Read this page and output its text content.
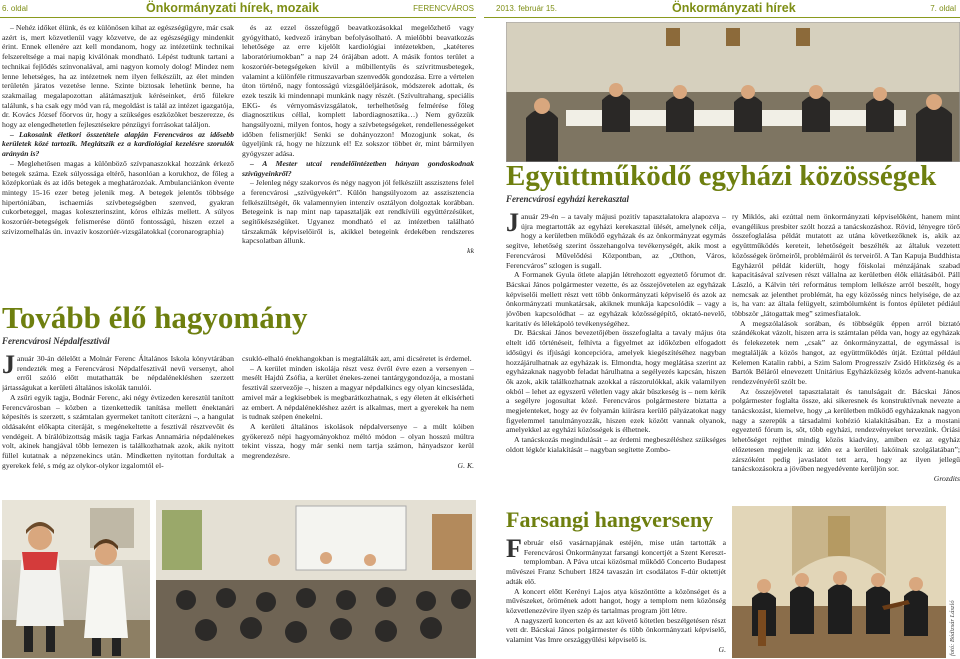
6. oldal	Önkormányzati hírek, mozaik	FERENCVÁROS

– Nehéz időket élünk, és ez különösen kihat az egészségügyre, már csak azért is, mert közvetlenül vagy közvetve, de az egészségügy mindenkit érint. Ennek ellenére azt kell mondanom, hogy az intézetünk technikai felszereltsége a mai napig kiválónak mondható. Lépést tudtunk tartani a technikai fejlődés színvonalával, ami nagyon komoly dolog! Mindez nem lenne lehetséges, ha az intézetnek nem ilyen felkészült, az élet minden területén járatos vezetése lenne. Szinte biztosak lehetünk benne, ha szakmailag megalapozottan alátámasztjuk kéréseinket, értő fülekre találunk, s ha csak egy mód van rá, megoldást is talál az intézet igazgatója, dr. Kovács József főorvos úr, hogy a szükséges eszközöket beszerezze, és hogy az elengedhetetlen fejlesztésekre pénzügyi forrásokat találjon.

– Lakosaink életkori összetétele alapján Ferencváros az idősebb kerületek közé tartozik. Meglátszik ez a kardiológiai kezelésre szorulók arányán is?

– Meglehetősen magas a különböző szívpanaszokkal hozzánk érkező betegek száma. Ezek súlyossága eltérő, hasonlóan a korukhoz, de főleg a középkorúak és az idős betegek a meghatározóak. Ambulanciánkon évente mintegy 15-16 ezer beteg jelenik meg. A betegek jelentős többsége hipertóniában, ischaemiás szívbetegségben szenved, gyakran cukorbeteggel, magas koleszterinszint, kóros elhízás mellett. A súlyos koszorúér-betegségek felismerése döntő fontosságú, hiszen ezzel a szívizomelhalás ún. invazív koszorúér-vizsgálatokkal (coronarographia)

és az ezzel összefüggő beavatkozásokkal megelőzhető vagy gyógyítható, kedvező irányban befolyásolható. A mielőbbi beavatkozás lehetősége az erre kijelölt kardiológiai intézetekben, „katéteres laboratóriumokban” a nap 24 órájában adott. A másik fontos terület a koszorúér-betegségeken kívül a műbillentyűs és szívritmusbetegek, valamint a különféle ritmuszavarban szenvedők gondozása. Erre a vértelen úton történő, nagy fontosságú vizsgálóeljárások, módszerek adottak, és ezek teszik ki mindennapi munkánk nagy részét. (Szívultrahang, speciális EKG- és vérnyomásvizsgálatok, terhelhetőség felmérése főleg diagnosztikus céllal, komplett labordiagnosztika…) Nem győzzük hangsúlyozni, milyen fontos, hogy a szívbetegségeket, rendellenességeket időben felismerjük! Senki se dohányozzon! Mozogjunk sokat, és ügyeljünk rá, hogy ne hízzunk el! Ez sokszor többet ér, mint bármilyen gyógyszer adása.

– A Mester utcai rendelőintézetben hányan gondoskodnak szívügyeinkről?

– Jelenleg négy szakorvos és négy nagyon jól felkészült asszisztens felel a ferencvárosi „szívügyekért”. Külön hangsúlyozom az asszisztencia felkészültségét, ők valamennyien intenzív osztályon dolgoztak korábban. Betegeink is nap mint nap tapasztalják ezt rendkívüli együttérzésüket, segítőkészségüket. Ugyanez mondható el az intézetben található társzakmák képviselőiről is, akikkel betegeink érdekében rendszeres kapcsolatban állunk.

kk

Tovább élő hagyomány
Ferencvárosi Népdalfesztivál
J anuár 30-án délelőtt a Molnár Ferenc Általános Iskola könyvtárában rendezték meg a Ferencvárosi Népdalfesztivál nevű versenyt, ahol erről szóló előtt mutathatták be népdalénekléshen szerzett jártasságukat a kerületi általános iskolák tanulói.

A zsűri egyik tagja, Bodnár Ferenc, aki négy évtizeden keresztül tanított Ferencvárosban – közben a tizenkettedik tanítása mellett énektanári képesítés is szerzett, s számtalan gyermeket tanított citerázni –, a hangulat oldásaként előkapta citeráját, s megénekeltette a fesztivál résztvevőit és vendégeit. A bírálóbizottság másik tagja Farkas Annamária népdalénekes volt, akinek hangjával több lemezen is találkozhatnak azok, akik nyitott füllel kutatnak a népzenekincs után. Mindketten nyitottan fordultak a gyerekek felé, s még az olykor-olykor izgalomtól el-

csukló-elhaló énekhangokban is megtalálták azt, ami dicséretet is érdemel.

– A kerület minden iskolája részt vesz évről évre ezen a versenyen – mesélt Hajdú Zsófia, a kerület énekes-zenei tantárgygondozója, a mostani fesztivál szervezője –, hiszen a magyar népdalkincs egy olyan kincsesláda, amivel már a legkisebbek is megbarátkozhatnak, s egy életen át elkísérheti az embert. A népdalénekléshez azért is alkalmas, mert a gyerekek ha nem is tudnak szépen énekelni.

A kerületi általános iskolások népdalversenye – a múlt kóiben gyökerező népi hagyományokhoz méltó módon – olyan hosszú múltra tekint vissza, hogy már senki nem tartja számon, hányadszor kerül megrendezésre.

G. K.

2013. február 15.	Önkormányzati hírek	7. oldal
Együttműködő egyházi közösségek
Ferencvárosi egyházi kerekasztal
J anuár 29-én – a tavaly májusi pozitív tapasztalatokra alapozva – újra megtartották az egyházi kerekasztal ülését, amelynek célja, hogy a kerületben működő egyházak és az önkormányzat egymás segítve, lehetőség szerint összehangolva tevékenységét, akik most a Ferencvárosi Művelődési Központban, az „Otthon, Város, Ferencváros” szlogen is sugall.

A Formanek Gyula ötlete alapján létrehozott egyeztető fórumot dr. Bácskai János polgármester vezette, és az összejövetelen az egyházak képviselői mellett részt vett több önkormányzati képviselő és azok az önkormányzati munkatársak, akiknek munkája kapcsolódik – vagy a jövőben kapcsolódhat – az egyházak közösségépítő, oktató-nevelő, karitatív és lélekápoló tevékenységéhez.

Dr. Bácskai János bevezetőjében összefoglalta a tavaly május óta eltelt idő történéseit, felhívta a figyelmet az időközben elfogadott idősügyi és ifjúsági koncepcióra, amelyek kiegészítéséhez nagyban hozzájárulhatnak az egyházak is. Elmondta, hogy meglátása szerint az egyházaknak nagyobb feladat hárulhatna a segélyezés kapcsán, hiszen ők azok, akik találkozhatnak azokkal a rászorulókkal, akik valamilyen okból – lehet az egyszerű véletlen vagy akár büszkeség is – nem kérik a segélyre jogosultat közé. Ferencváros polgármestere biztatta a megjelenteket, hogy az év folyamán kiírásra kerülő pályázatokat nagy figyelemmel tanulmányozzák, hiszen ezek között vannak olyanok, amelyekkel az egyházi közösségek is élhetnek.

A tanácskozás megindulását – az érdemi megbeszéléshez szükséges oldott légkör kialakítását – nagyban segítette Zombo-

ry Miklós, aki ezúttal nem önkormányzati képviselőként, hanem mint evangélikus presbiter szólt hozzá a tanácskozáshoz. Rövid, lényegre törő összefoglalása példát mutatott az utána következőknek is, akik az együttműködés kereteit, lehetőségeit beszélték az általuk vezetett közösségek örömeiről, problémáiról és terveiről. A Tan Kapuja Buddhista Egyházról példát kiderült, hogy főiskolai ménzájának szabad kapacitásával szívesen részt vállalna az kerületben élők ellátásából. Páll László, a Kálvin téri református templom lelkésze arról beszélt, hogy nemcsak az jelenthet problémát, ha egy közösség nincs helyisége, de az is, ha van: az általa felügyelt, szimbólumként is fontos épületet pédiául többször „látogattak meg” szimesfiatalok.

A megszólalások sorában, és többségük éppen arról biztató szándékokat vázolt, hiszen arra is számtalan példa van, hogy az egyházak és felekezetek nem „csak” az önkormányzattal, de egymással is megtalálják a közös hangot, az együttműködés útját. Ezúttal például Kelemen Katalin rabbi, a Szim Salom Progresszív Zsidó Hitközség és a Bartók Béláról elnevezett Unitárius Egyházközség közös advent-hanuka rendezvényéről szólt be.

Az összejövetel tapasztalatait és tanulságait dr. Bácskai János polgármester foglalta össze, aki sikeresnek és konstruktívnak nevezte a tanácskozást, kiemelve, hogy „a kerületben működő egyházaknak nagyon nagy a szerepük a társadalmi kohézió kialakításában. Ez a mostani egyeztető fórum is, sőt, több egyházi, rendezvényeket tervezünk. Óriási lehetőséget rejthet mindig közös kiadvány, amiben ez az egyház előzetesen megjelenik az idén ez a kerületi lakóinak szolgálatában”; zárszóként pedig javaslatot tett arra, hogy az ilyen jellegű tanácskozásokra a jövőben negyedévente kerüljön sor.

Grozdits

Farsangi hangverseny
F ebruár első vasárnapjának estéjén, mise után tartották a Ferencvárosi Önkormányzat farsangi koncertjét a Szent Kereszt-templomban. A Páva utcai közösmal működő Concerto Budapest művészei Franz Schubert 1824 tavaszán írt csodálatos F-dúr oktettjét adták elő.

A koncert előtt Kerényi Lajos atya köszöntötte a közönséget és a művészeket, örömének adott hangot, hogy a templom nem közönség közvetlenezévire ilyen szép és tartalmas program jött létre.

A nagyszerű koncerten és az azt követő kötetlen beszélgetésen részt vett dr. Bácskai János polgármester és több önkormányzati képviselő, valamint Vas Imre országgyűlési képviselő is.

G.	fotó: Bódizsár László
